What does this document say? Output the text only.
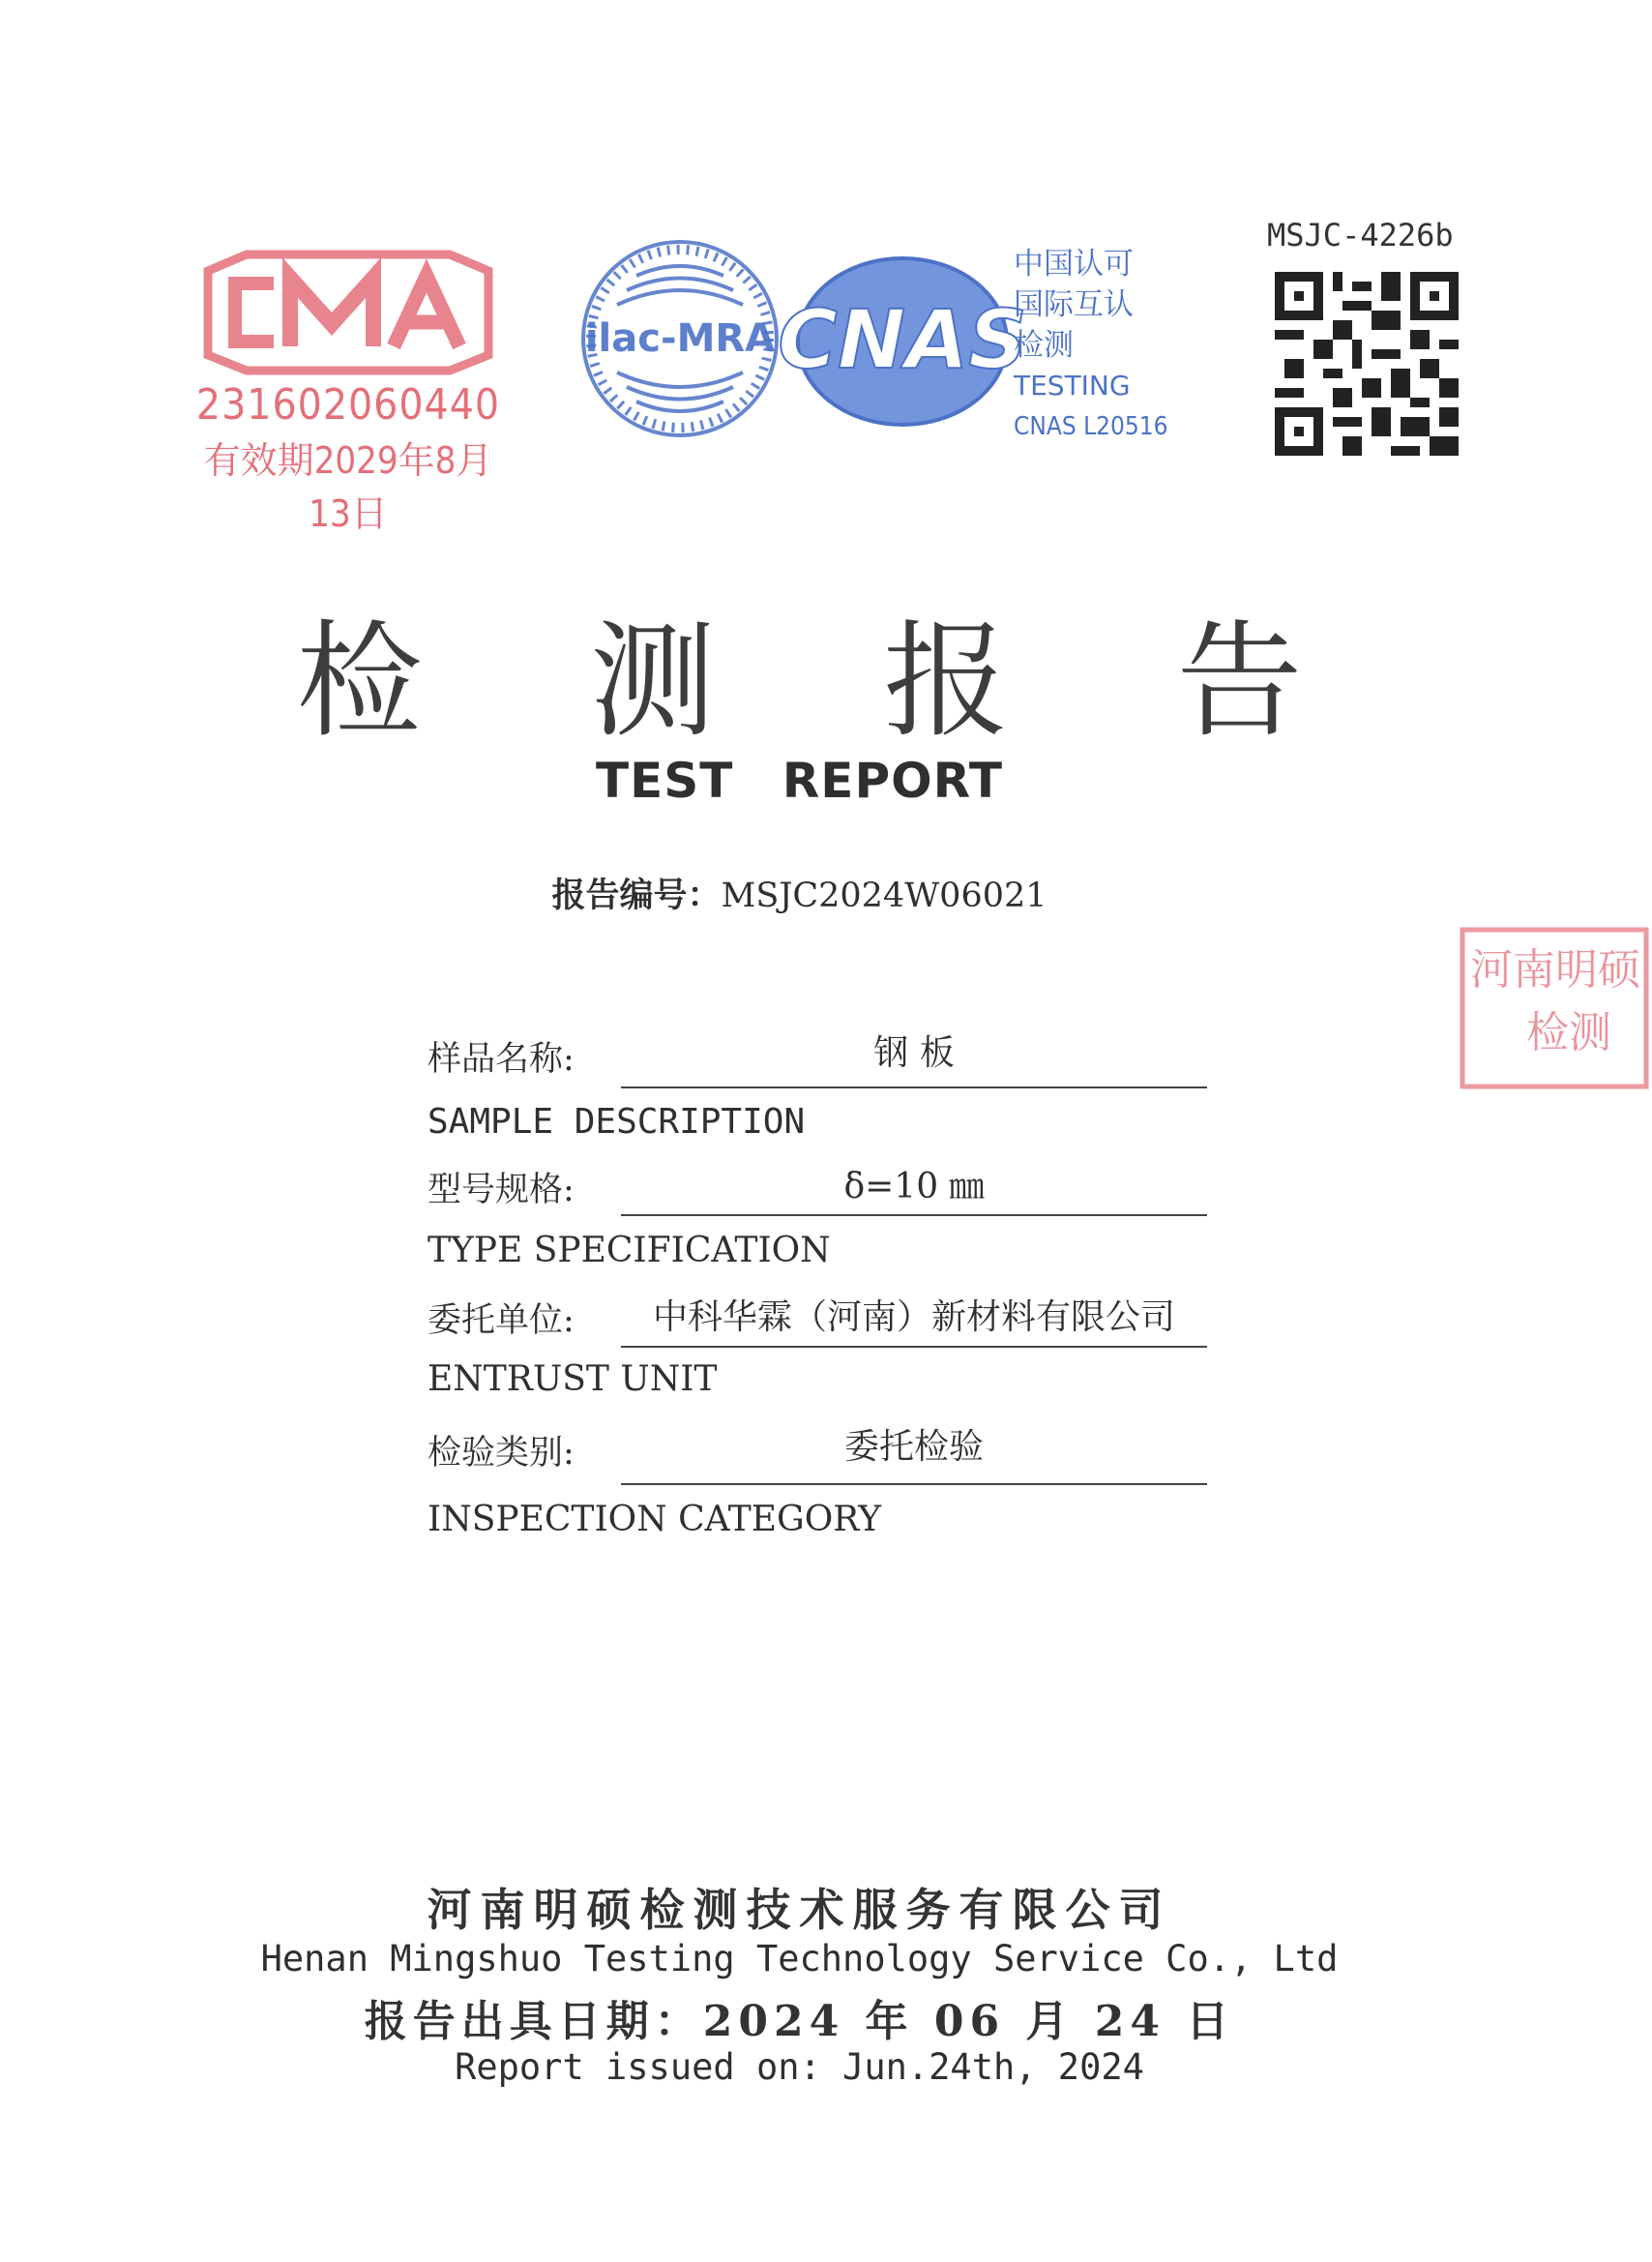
231602060440
有效期2029年8月13日
ilac-MRA CNAS
中国认可
国际互认
检测
TESTING
CNAS L20516
MSJC-4226b
检 测 报 告
TEST REPORT
报告编号：MSJC2024W06021
河南明硕
检测
样品名称:	钢 板
SAMPLE DESCRIPTION
型号规格:	δ=10 ㎜
TYPE SPECIFICATION
委托单位:	中科华霖（河南）新材料有限公司
ENTRUST UNIT
检验类别:	委托检验
INSPECTION CATEGORY
河南明硕检测技术服务有限公司
Henan Mingshuo Testing Technology Service Co., Ltd
报告出具日期：2024 年 06 月 24 日
Report issued on: Jun.24th, 2024
